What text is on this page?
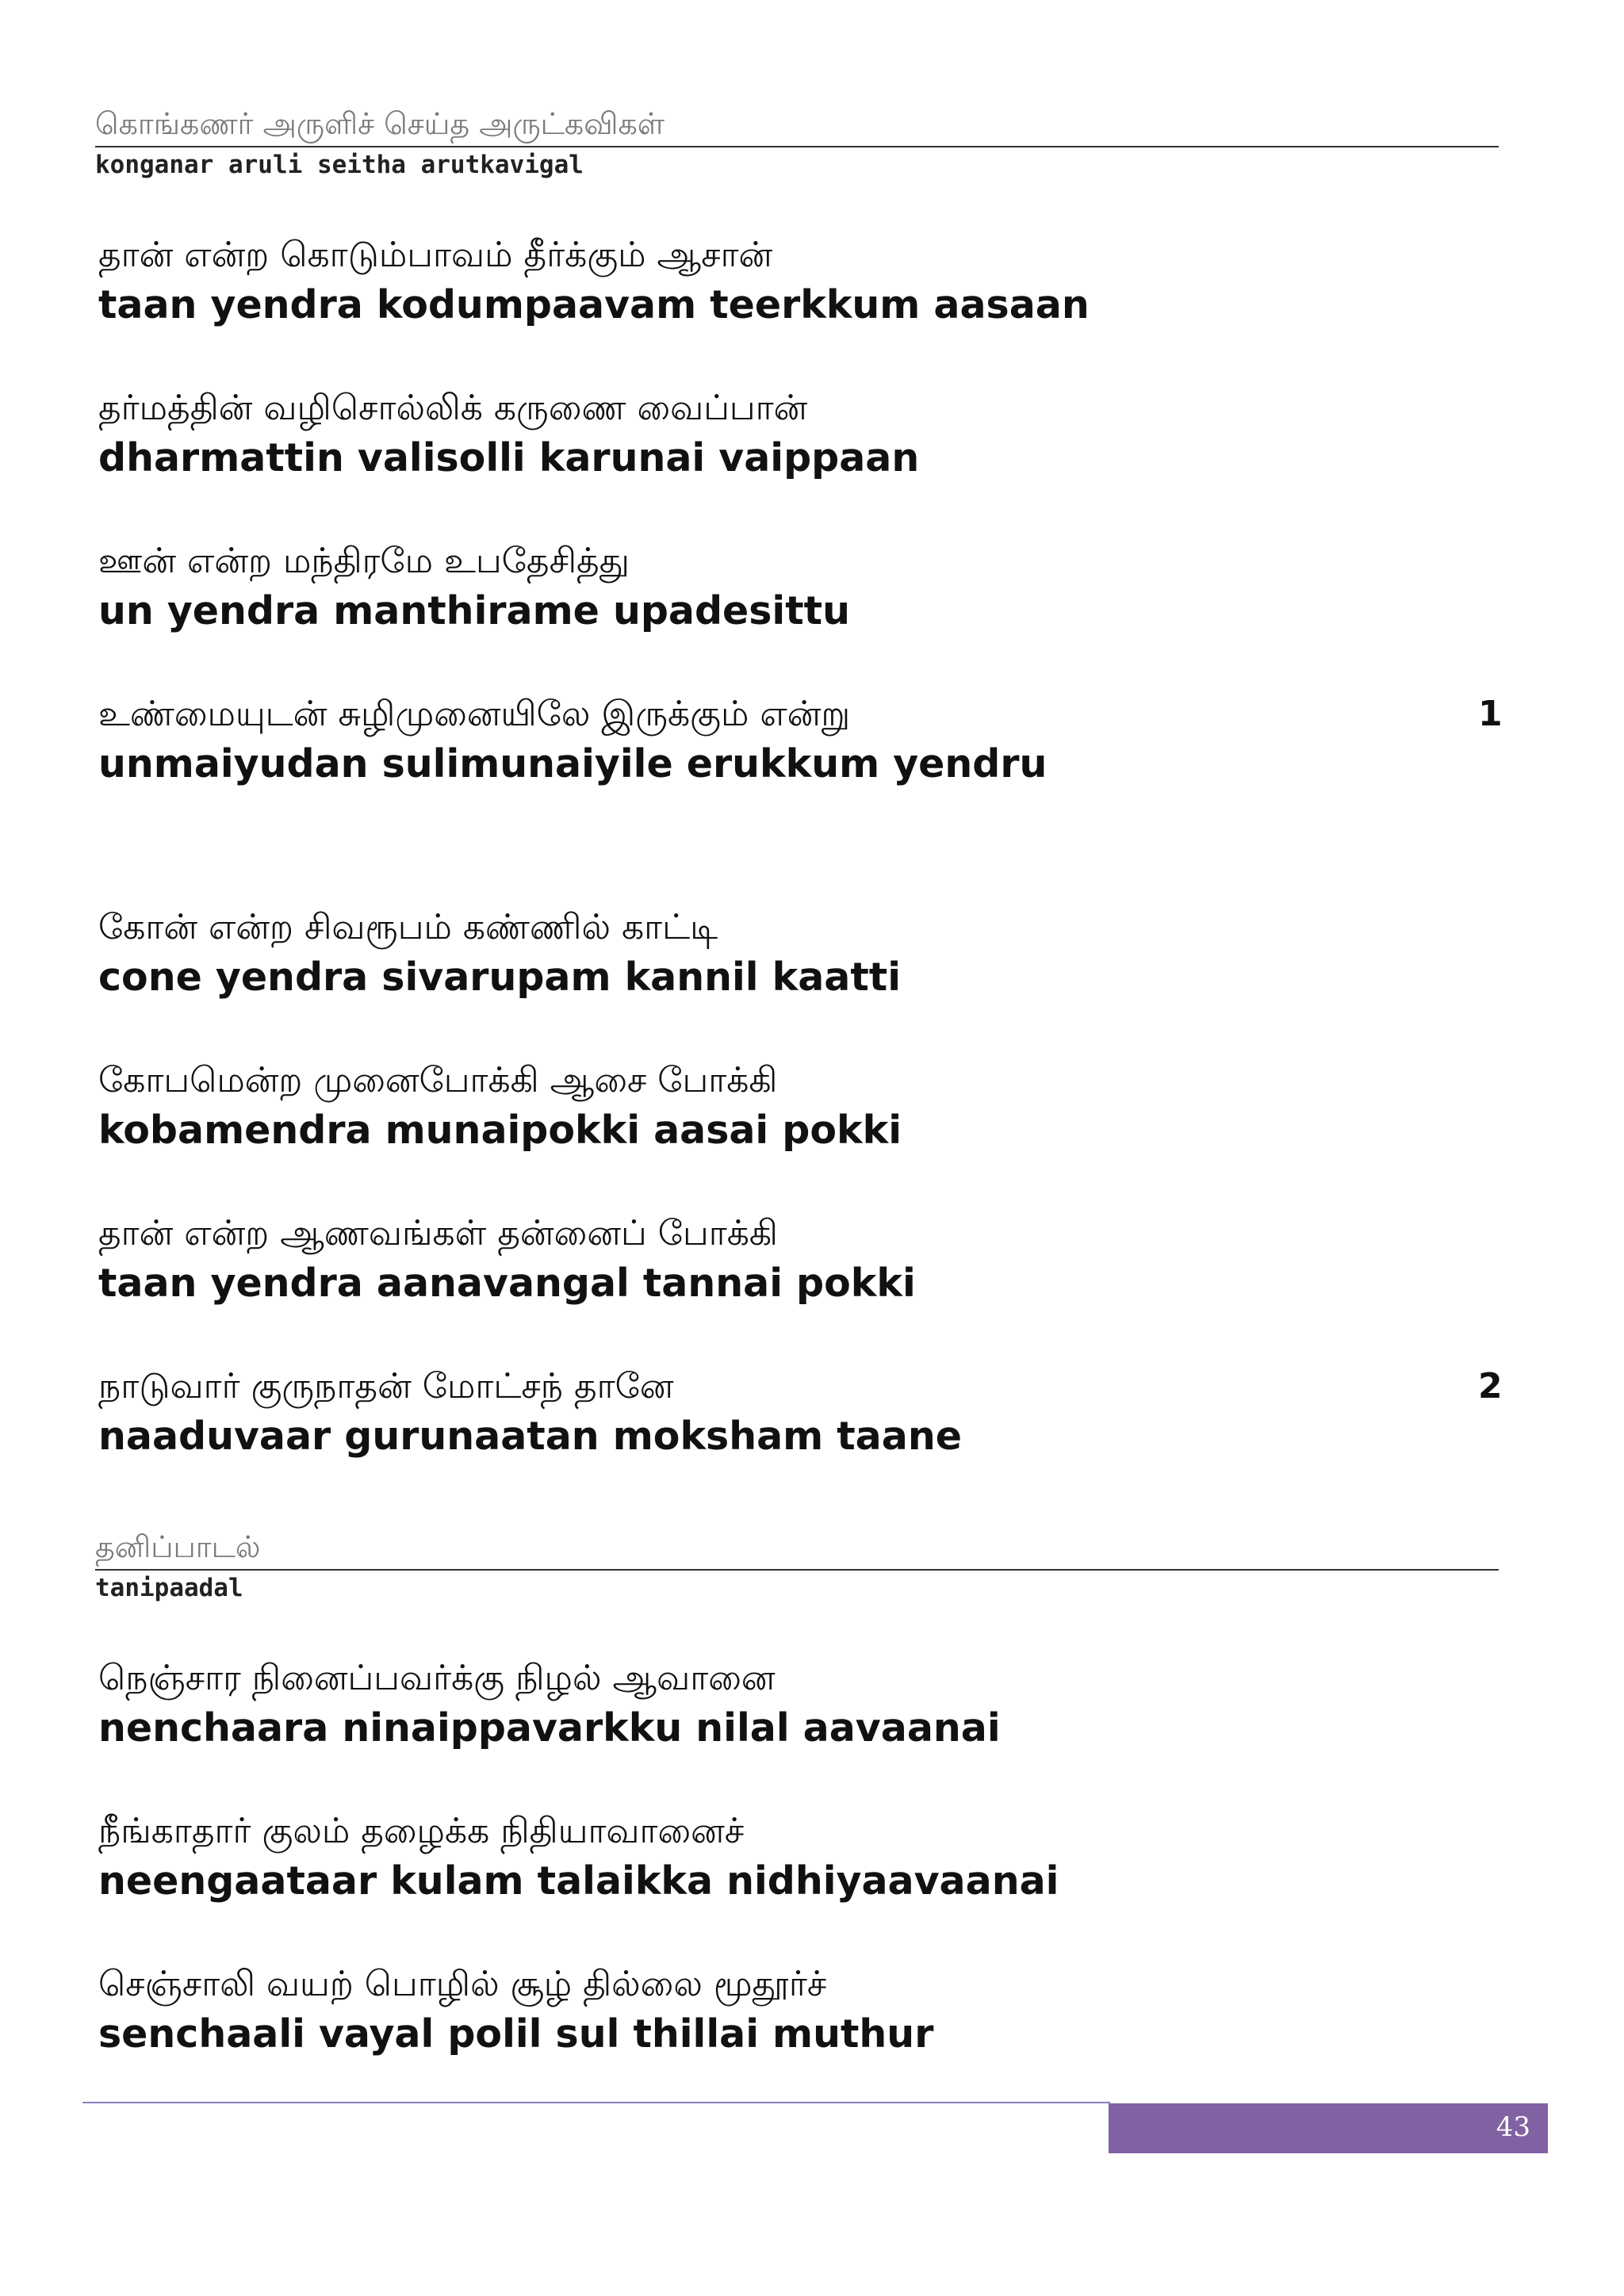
கொங்கணர் அருளிச் செய்த அருட்கவிகள்
konganar aruli seitha arutkavigal
தான் என்ற கொடும்பாவம் தீர்க்கும் ஆசான்
taan yendra kodumpaavam teerkkum aasaan
தர்மத்தின் வழிசொல்லிக் கருணை வைப்பான்
dharmattin valisolli karunai vaippaan
ஊன் என்ற மந்திரமே உபதேசித்து
un yendra manthirame upadesittu
உண்மையுடன் சுழிமுனையிலே இருக்கும் என்று
unmaiyudan sulimunaiyile erukkum yendru
1
கோன் என்ற சிவரூபம் கண்ணில் காட்டி
cone yendra sivarupam kannil kaatti
கோபமென்ற முனைபோக்கி ஆசை போக்கி
kobamendra munaipokki aasai pokki
தான் என்ற ஆணவங்கள் தன்னைப் போக்கி
taan yendra aanavangal tannai pokki
நாடுவார் குருநாதன் மோட்சந் தானே
naaduvaar gurunaatan moksham taane
2
தனிப்பாடல்
tanipaadal
நெஞ்சார நினைப்பவர்க்கு நிழல் ஆவானை
nenchaara ninaippavarkku nilal aavaanai
நீங்காதார் குலம் தழைக்க நிதியாவானைச்
neengaataar kulam talaikka nidhiyaavaanai
செஞ்சாலி வயற் பொழில் சூழ் தில்லை மூதூர்ச்
senchaali vayal polil sul thillai muthur
43
